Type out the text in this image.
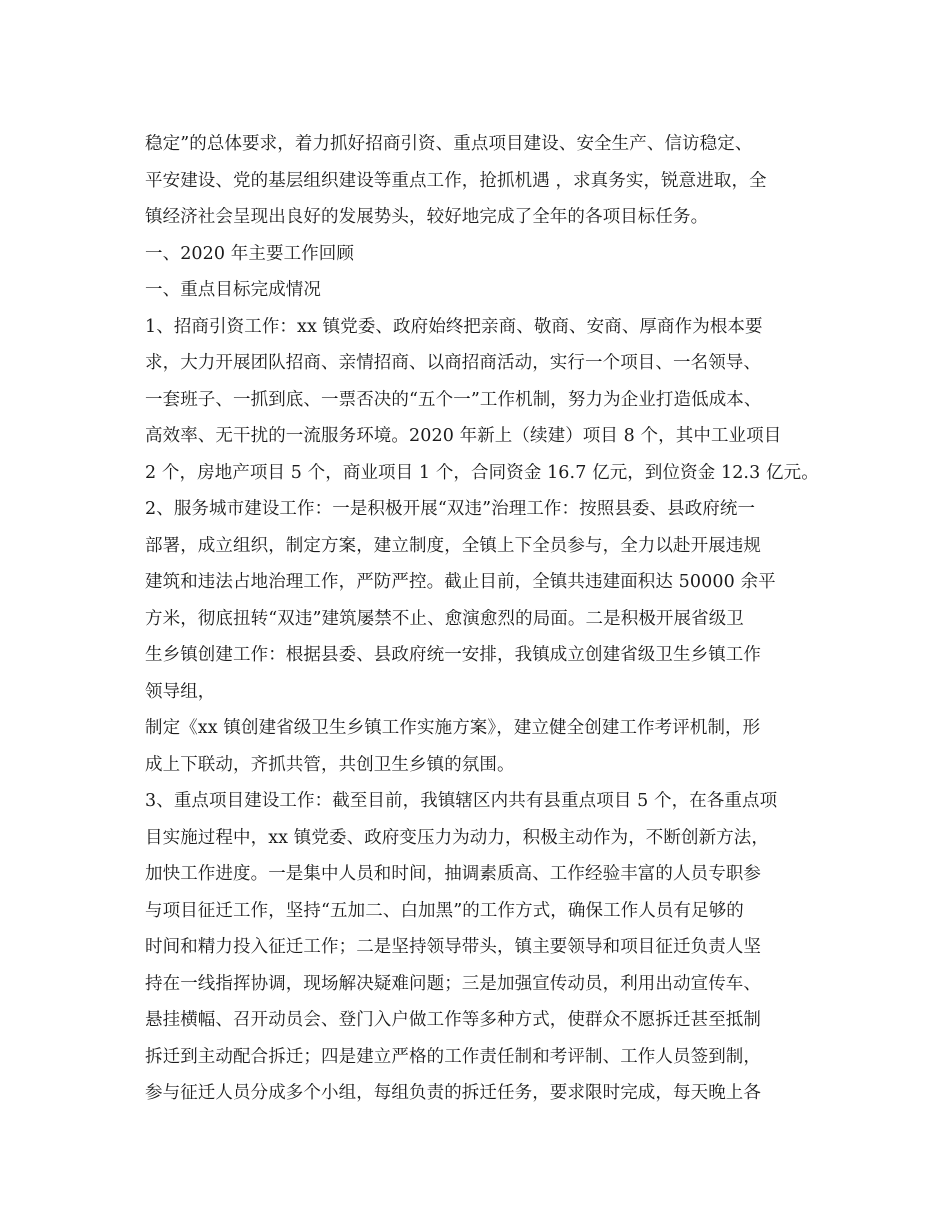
稳定”的总体要求，着力抓好招商引资、重点项目建设、安全生产、信访稳定、
平安建设、党的基层组织建设等重点工作，抢抓机遇 ，求真务实，锐意进取，全
镇经济社会呈现出良好的发展势头，较好地完成了全年的各项目标任务。
一、2020 年主要工作回顾
一、重点目标完成情况
1、招商引资工作：xx 镇党委、政府始终把亲商、敬商、安商、厚商作为根本要
求，大力开展团队招商、亲情招商、以商招商活动，实行一个项目、一名领导、
一套班子、一抓到底、一票否决的“五个一”工作机制，努力为企业打造低成本、
高效率、无干扰的一流服务环境。2020 年新上（续建）项目 8 个，其中工业项目
2 个，房地产项目 5 个，商业项目 1 个，合同资金 16.7 亿元，到位资金 12.3 亿元。
2、服务城市建设工作：一是积极开展“双违”治理工作：按照县委、县政府统一
部署，成立组织，制定方案，建立制度，全镇上下全员参与，全力以赴开展违规
建筑和违法占地治理工作，严防严控。截止目前，全镇共违建面积达 50000 余平
方米，彻底扭转“双违”建筑屡禁不止、愈演愈烈的局面。二是积极开展省级卫
生乡镇创建工作：根据县委、县政府统一安排，我镇成立创建省级卫生乡镇工作
领导组，
制定《xx 镇创建省级卫生乡镇工作实施方案》，建立健全创建工作考评机制，形
成上下联动，齐抓共管，共创卫生乡镇的氛围。
3、重点项目建设工作：截至目前，我镇辖区内共有县重点项目 5 个，在各重点项
目实施过程中，xx 镇党委、政府变压力为动力，积极主动作为，不断创新方法，
加快工作进度。一是集中人员和时间，抽调素质高、工作经验丰富的人员专职参
与项目征迁工作，坚持“五加二、白加黑”的工作方式，确保工作人员有足够的
时间和精力投入征迁工作；二是坚持领导带头，镇主要领导和项目征迁负责人坚
持在一线指挥协调，现场解决疑难问题；三是加强宣传动员，利用出动宣传车、
悬挂横幅、召开动员会、登门入户做工作等多种方式，使群众不愿拆迁甚至抵制
拆迁到主动配合拆迁；四是建立严格的工作责任制和考评制、工作人员签到制，
参与征迁人员分成多个小组，每组负责的拆迁任务，要求限时完成，每天晚上各
